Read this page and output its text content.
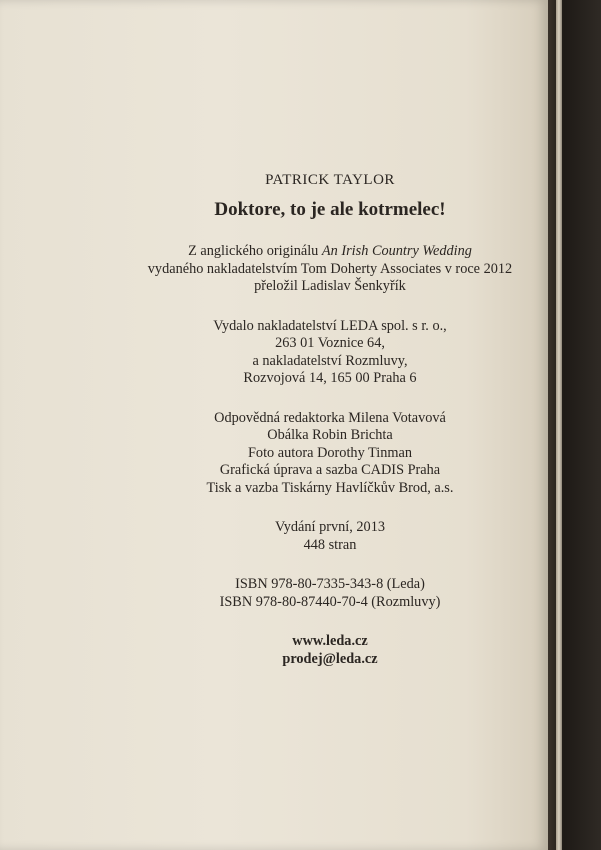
PATRICK TAYLOR
Doktore, to je ale kotrmelec!
Z anglického originálu An Irish Country Wedding
vydaného nakladatelstvím Tom Doherty Associates v roce 2012
přeložil Ladislav Šenkyřík
Vydalo nakladatelství LEDA spol. s r. o.,
263 01 Voznice 64,
a nakladatelství Rozmluvy,
Rozvojová 14, 165 00 Praha 6
Odpovědná redaktorka Milena Votavová
Obálka Robin Brichta
Foto autora Dorothy Tinman
Grafická úprava a sazba CADIS Praha
Tisk a vazba Tiskárny Havlíčkův Brod, a.s.
Vydání první, 2013
448 stran
ISBN 978-80-7335-343-8 (Leda)
ISBN 978-80-87440-70-4 (Rozmluvy)
www.leda.cz
prodej@leda.cz
